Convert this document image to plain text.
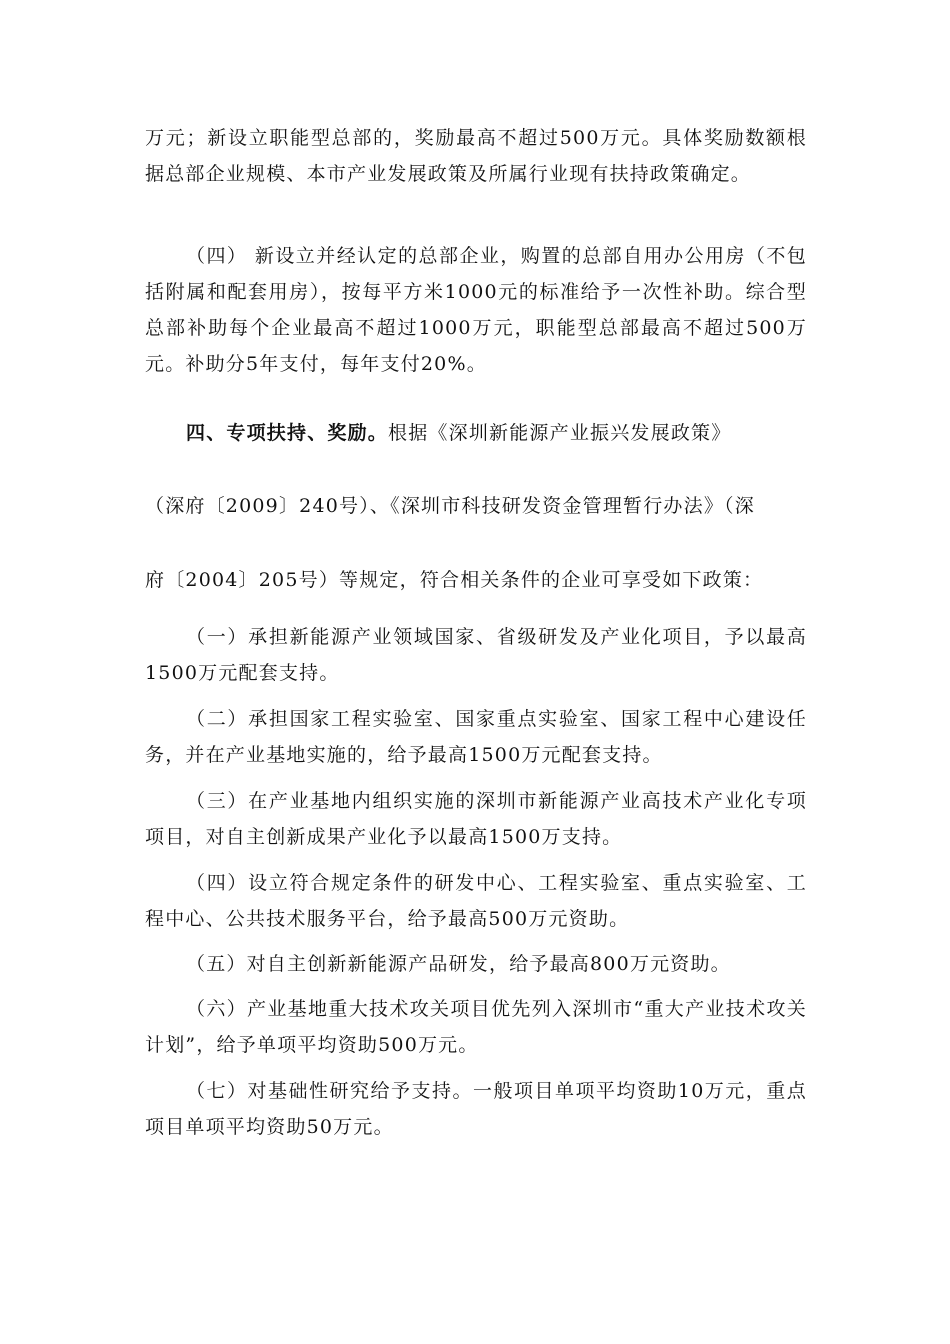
万元；新设立职能型总部的，奖励最高不超过500万元。具体奖励数额根据总部企业规模、本市产业发展政策及所属行业现有扶持政策确定。

（四） 新设立并经认定的总部企业，购置的总部自用办公用房（不包括附属和配套用房），按每平方米1000元的标准给予一次性补助。综合型总部补助每个企业最高不超过1000万元，职能型总部最高不超过500万元。补助分5年支付，每年支付20%。

四、专项扶持、奖励。根据《深圳新能源产业振兴发展政策》

（深府〔2009〕240号）、《深圳市科技研发资金管理暂行办法》（深

府〔2004〕205号）等规定，符合相关条件的企业可享受如下政策：

（一）承担新能源产业领域国家、省级研发及产业化项目，予以最高1500万元配套支持。

（二）承担国家工程实验室、国家重点实验室、国家工程中心建设任务，并在产业基地实施的，给予最高1500万元配套支持。

（三）在产业基地内组织实施的深圳市新能源产业高技术产业化专项项目，对自主创新成果产业化予以最高1500万支持。

（四）设立符合规定条件的研发中心、工程实验室、重点实验室、工程中心、公共技术服务平台，给予最高500万元资助。

（五）对自主创新新能源产品研发，给予最高800万元资助。

（六）产业基地重大技术攻关项目优先列入深圳市“重大产业技术攻关计划”，给予单项平均资助500万元。

（七）对基础性研究给予支持。一般项目单项平均资助10万元，重点项目单项平均资助50万元。
